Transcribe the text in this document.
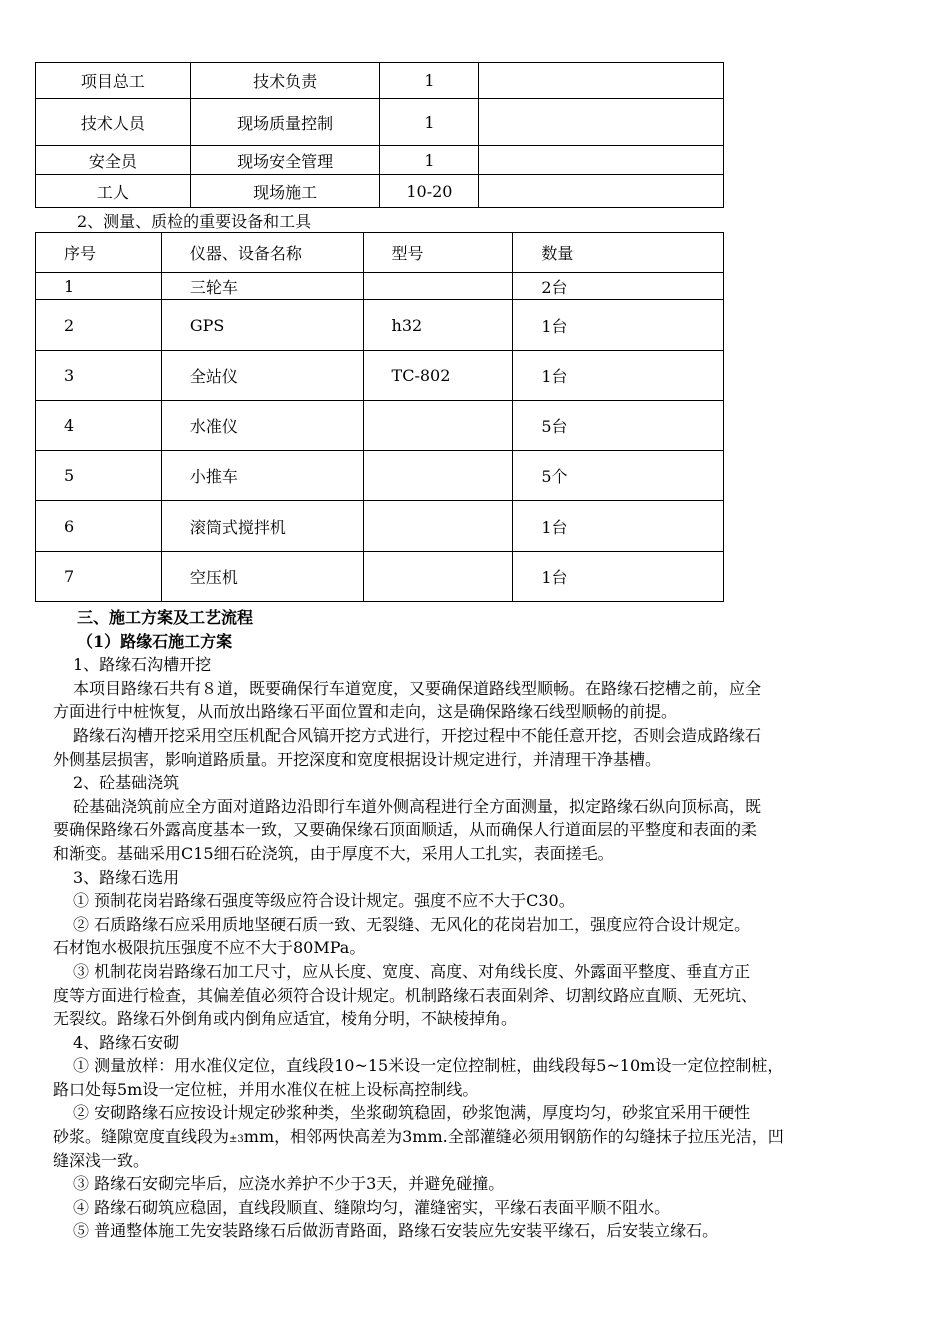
项目总工	技术负责	1	
技术人员	现场质量控制	1	
安全员	现场安全管理	1	
工人	现场施工	10-20	
2、测量、质检的重要设备和工具
序号	仪器、设备名称	型号	数量
1	三轮车		2台
2	GPS	h32	1台
3	全站仪	TC-802	1台
4	水准仪		5台
5	小推车		5个
6	滚筒式搅拌机		1台
7	空压机		1台
三、施工方案及工艺流程
（1）路缘石施工方案
1、路缘石沟槽开挖
本项目路缘石共有８道，既要确保行车道宽度，又要确保道路线型顺畅。在路缘石挖槽之前，应全
方面进行中桩恢复，从而放出路缘石平面位置和走向，这是确保路缘石线型顺畅的前提。
路缘石沟槽开挖采用空压机配合风镐开挖方式进行，开挖过程中不能任意开挖，否则会造成路缘石
外侧基层损害，影响道路质量。开挖深度和宽度根据设计规定进行，并清理干净基槽。
2、砼基础浇筑
砼基础浇筑前应全方面对道路边沿即行车道外侧高程进行全方面测量，拟定路缘石纵向顶标高，既
要确保路缘石外露高度基本一致，又要确保缘石顶面顺适，从而确保人行道面层的平整度和表面的柔
和渐变。基础采用C15细石砼浇筑，由于厚度不大，采用人工扎实，表面搓毛。
3、路缘石选用
① 预制花岗岩路缘石强度等级应符合设计规定。强度不应不大于C30。
② 石质路缘石应采用质地坚硬石质一致、无裂缝、无风化的花岗岩加工，强度应符合设计规定。
石材饱水极限抗压强度不应不大于80MPa。
③ 机制花岗岩路缘石加工尺寸，应从长度、宽度、高度、对角线长度、外露面平整度、垂直方正
度等方面进行检查，其偏差值必须符合设计规定。机制路缘石表面剁斧、切割纹路应直顺、无死坑、
无裂纹。路缘石外倒角或内倒角应适宜，棱角分明，不缺棱掉角。
4、路缘石安砌
① 测量放样：用水准仪定位，直线段10~15米设一定位控制桩，曲线段每5~10m设一定位控制桩，
路口处每5m设一定位桩，并用水准仪在桩上设标高控制线。
② 安砌路缘石应按设计规定砂浆种类，坐浆砌筑稳固，砂浆饱满，厚度均匀，砂浆宜采用干硬性
砂浆。缝隙宽度直线段为±3mm，相邻两快高差为3mm.全部灌缝必须用钢筋作的勾缝抹子拉压光洁，凹
缝深浅一致。
③ 路缘石安砌完毕后，应浇水养护不少于3天，并避免碰撞。
④ 路缘石砌筑应稳固，直线段顺直、缝隙均匀，灌缝密实，平缘石表面平顺不阻水。
⑤ 普通整体施工先安装路缘石后做沥青路面，路缘石安装应先安装平缘石，后安装立缘石。
